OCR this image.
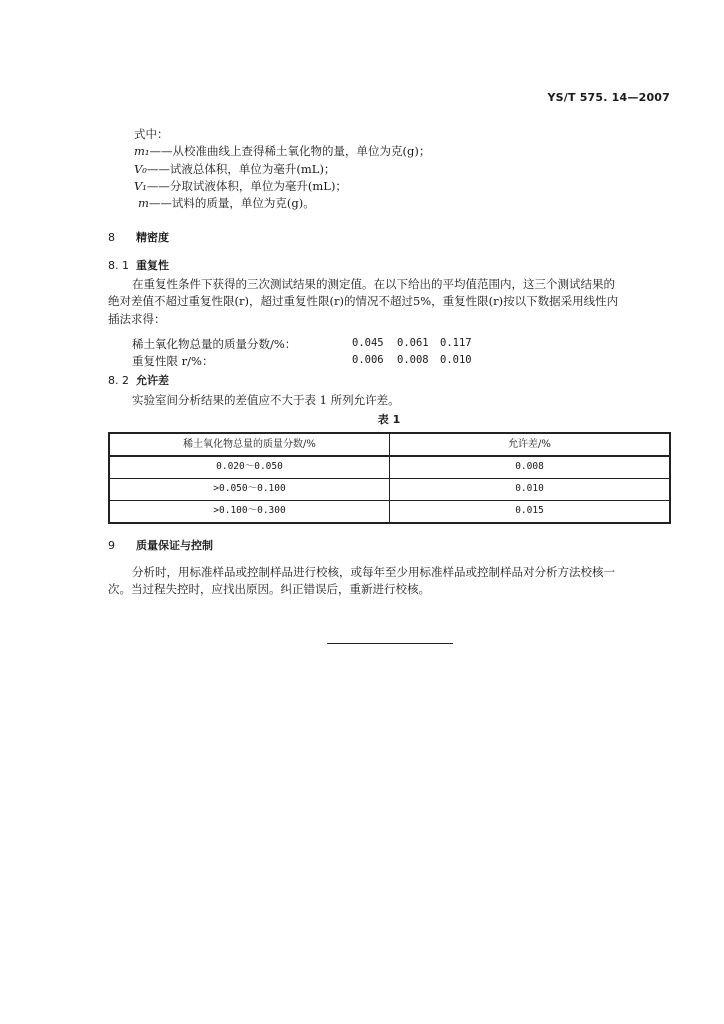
YS/T 575. 14—2007
式中：
m₁——从校准曲线上查得稀土氧化物的量，单位为克(g)；
V₀——试液总体积，单位为毫升(mL)；
V₁——分取试液体积，单位为毫升(mL)；
m——试料的质量，单位为克(g)。
8 精密度
8. 1 重复性
在重复性条件下获得的三次测试结果的测定值。在以下给出的平均值范围内，这三个测试结果的
绝对差值不超过重复性限(r)，超过重复性限(r)的情况不超过5%，重复性限(r)按以下数据采用线性内
插法求得：
稀土氧化物总量的质量分数/%：	0.045 0.061 0.117
重复性限 r/%：	0.006 0.008 0.010
8. 2 允许差
实验室间分析结果的差值应不大于表 1 所列允许差。
表 1
稀土氧化物总量的质量分数/%	允许差/%
0.020～0.050	0.008
>0.050～0.100	0.010
>0.100～0.300	0.015
9 质量保证与控制
分析时，用标准样品或控制样品进行校核，或每年至少用标准样品或控制样品对分析方法校核一
次。当过程失控时，应找出原因。纠正错误后，重新进行校核。
